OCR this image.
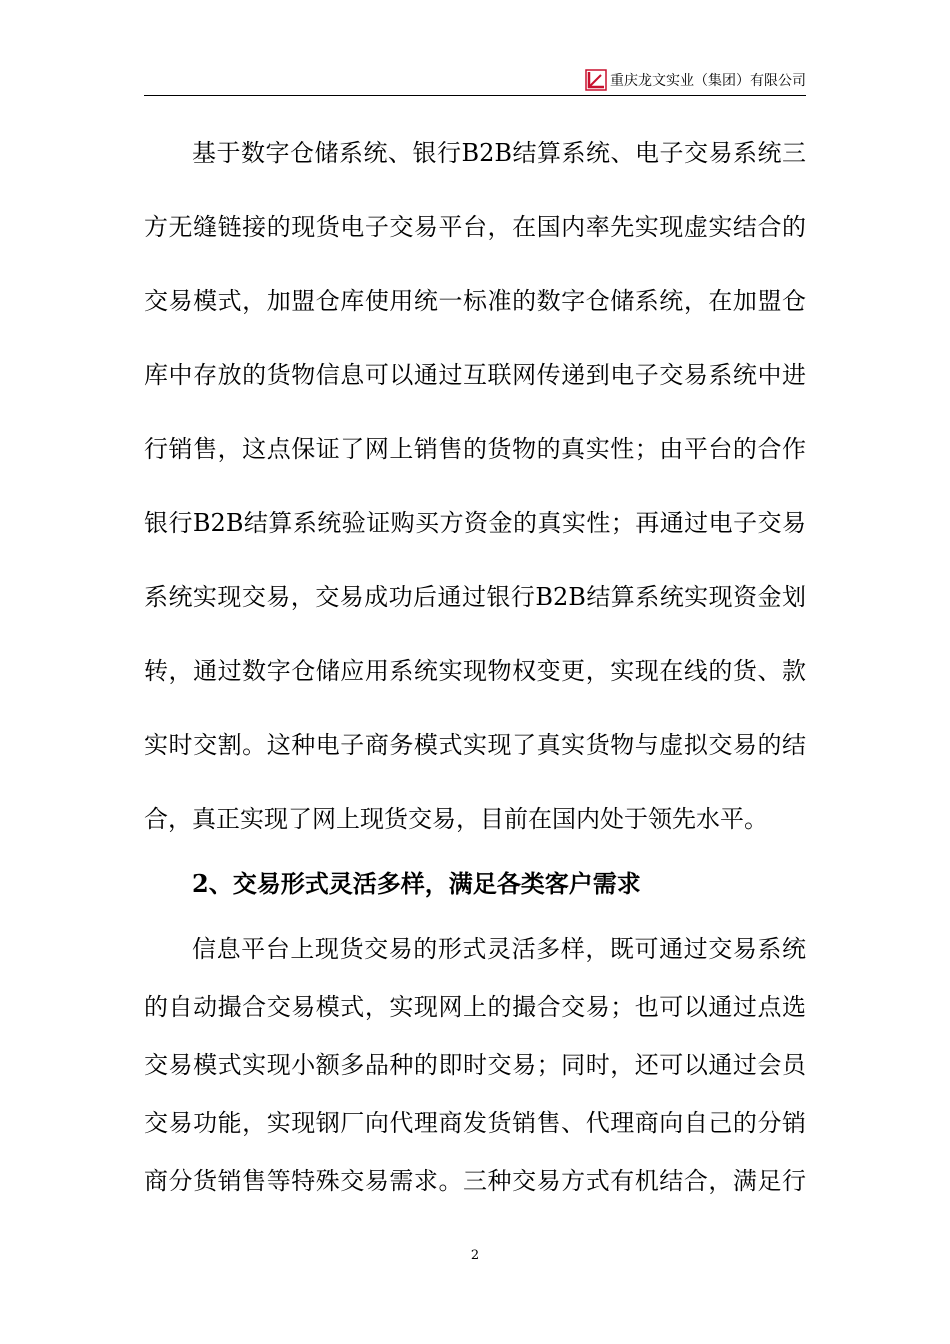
重庆龙文实业（集团）有限公司
基于数字仓储系统、银行B2B结算系统、电子交易系统三
方无缝链接的现货电子交易平台，在国内率先实现虚实结合的
交易模式，加盟仓库使用统一标准的数字仓储系统，在加盟仓
库中存放的货物信息可以通过互联网传递到电子交易系统中进
行销售，这点保证了网上销售的货物的真实性；由平台的合作
银行B2B结算系统验证购买方资金的真实性；再通过电子交易
系统实现交易，交易成功后通过银行B2B结算系统实现资金划
转，通过数字仓储应用系统实现物权变更，实现在线的货、款
实时交割。这种电子商务模式实现了真实货物与虚拟交易的结
合，真正实现了网上现货交易，目前在国内处于领先水平。
2、交易形式灵活多样，满足各类客户需求
信息平台上现货交易的形式灵活多样，既可通过交易系统
的自动撮合交易模式，实现网上的撮合交易；也可以通过点选
交易模式实现小额多品种的即时交易；同时，还可以通过会员
交易功能，实现钢厂向代理商发货销售、代理商向自己的分销
商分货销售等特殊交易需求。三种交易方式有机结合，满足行
2
